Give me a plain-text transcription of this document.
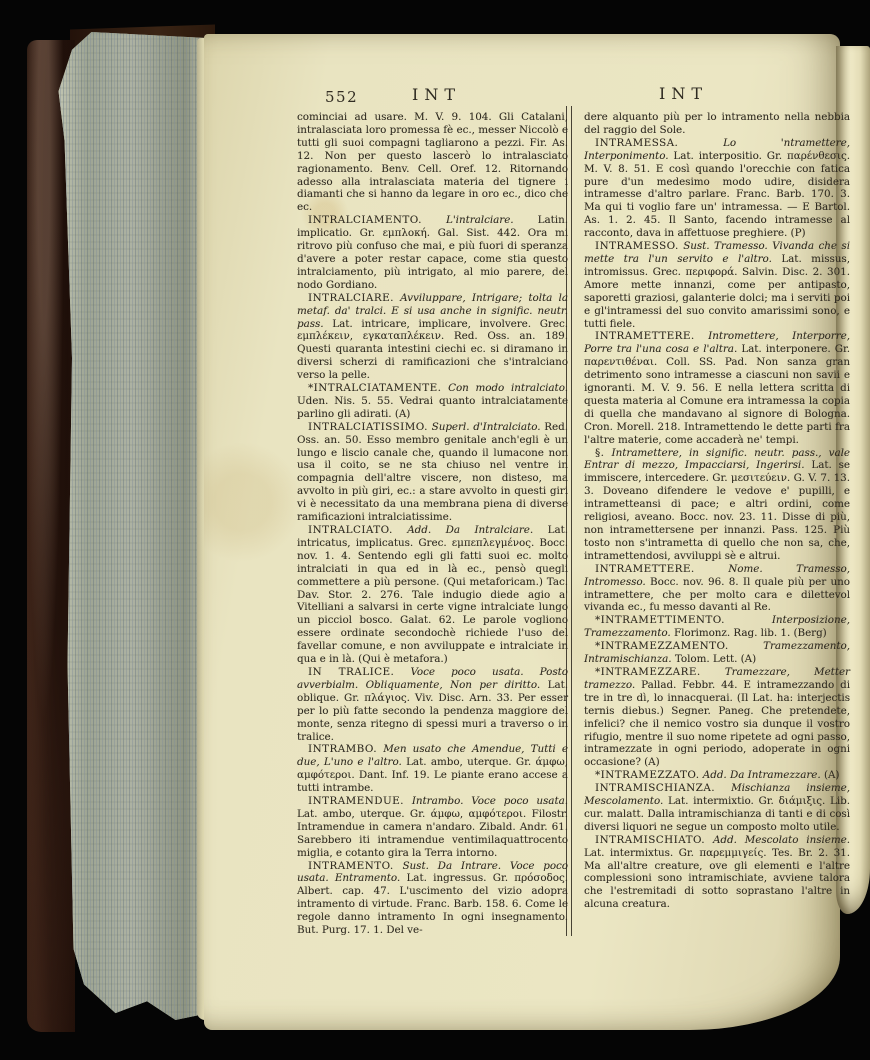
552	INT	INT

cominciai ad usare. M. V. 9. 104. Gli Catalani, intralasciata loro promessa fè ec., messer Niccolò e tutti gli suoi compagni tagliarono a pezzi. Fir. As. 12. Non per questo lascerò lo intralasciato ragionamento. Benv. Cell. Oref. 12. Ritornando adesso alla intralasciata materia del tignere i diamanti che si hanno da legare in oro ec., dico che ec.

INTRALCIAMENTO. L'intralciare. Latin. implicatio. Gr. εμπλοκή. Gal. Sist. 442. Ora mi ritrovo più confuso che mai, e più fuori di speranza d'avere a poter restar capace, come stia questo intralciamento, più intrigato, al mio parere, del nodo Gordiano.

INTRALCIARE. Avviluppare, Intrigare; tolta la metaf. da' tralci. E si usa anche in signific. neutr. pass. Lat. intricare, implicare, involvere. Grec. εμπλέκειν, εγκαταπλέκειν. Red. Oss. an. 189. Questi quaranta intestini ciechi ec. si diramano in diversi scherzi di ramificazioni che s'intralciano verso la pelle.

*INTRALCIATAMENTE. Con modo intralciato. Uden. Nis. 5. 55. Vedrai quanto intralciatamente parlino gli adirati. (A)

INTRALCIATISSIMO. Superl. d'Intralciato. Red. Oss. an. 50. Esso membro genitale anch'egli è un lungo e liscio canale che, quando il lumacone non usa il coito, se ne sta chiuso nel ventre in compagnia dell'altre viscere, non disteso, ma avvolto in più giri, ec.: a stare avvolto in questi giri vi è necessitato da una membrana piena di diverse ramificazioni intralciatissime.

INTRALCIATO. Add. Da Intralciare. Lat. intricatus, implicatus. Grec. εμπεπλεγμένος. Bocc. nov. 1. 4. Sentendo egli gli fatti suoi ec. molto intralciati in qua ed in là ec., pensò quegli commettere a più persone. (Qui metaforicam.) Tac. Dav. Stor. 2. 276. Tale indugio diede agio a' Vitelliani a salvarsi in certe vigne intralciate lungo un picciol bosco. Galat. 62. Le parole vogliono essere ordinate secondochè richiede l'uso del favellar comune, e non avviluppate e intralciate in qua e in là. (Qui è metafora.)

IN TRALICE. Voce poco usata. Posto avverbialm. Obliquamente, Non per diritto. Lat. oblique. Gr. πλάγιος. Viv. Disc. Arn. 33. Per esser per lo più fatte secondo la pendenza maggiore del monte, senza ritegno di spessi muri a traverso o in tralice.

INTRAMBO. Men usato che Amendue, Tutti e due, L'uno e l'altro. Lat. ambo, uterque. Gr. άμφω, αμφότεροι. Dant. Inf. 19. Le piante erano accese a tutti intrambe.

INTRAMENDUE. Intrambo. Voce poco usata. Lat. ambo, uterque. Gr. άμφω, αμφότεροι. Filostr. Intramendue in camera n'andaro. Zibald. Andr. 61. Sarebbero iti intramendue ventimilaquattrocento miglia, e cotanto gira la Terra intorno.

INTRAMENTO. Sust. Da Intrare. Voce poco usata. Entramento. Lat. ingressus. Gr. πρόσοδος. Albert. cap. 47. L'uscimento del vizio adopra intramento di virtude. Franc. Barb. 158. 6. Come le regole danno intramento In ogni insegnamento. But. Purg. 17. 1. Del ve-

dere alquanto più per lo intramento nella nebbia del raggio del Sole.

INTRAMESSA.	Lo 'ntramettere, Interponimento. Lat. interpositio. Gr. παρένθεσις. M. V. 8. 51. E così quando l'orecchie con fatica pure d'un medesimo modo udire, disidera intramesse d'altro parlare. Franc. Barb. 170. 3. Ma qui ti voglio fare un' intramessa. — E Bartol. As. 1. 2. 45. Il Santo, facendo intramesse al racconto, dava in affettuose preghiere. (P)

INTRAMESSO. Sust. Tramesso. Vivanda che si mette tra l'un servito e l'altro. Lat. missus, intromissus. Grec. περιφορά. Salvin. Disc. 2. 301. Amore mette innanzi, come per antipasto, saporetti graziosi, galanterie dolci; ma i serviti poi e gl'intramessi del suo convito amarissimi sono, e tutti fiele.

INTRAMETTERE. Intromettere, Interporre, Porre tra l'una cosa e l'altra. Lat. interponere. Gr. παρεντιθέναι. Coll. SS. Pad. Non sanza gran detrimento sono intramesse a ciascuni non savii e ignoranti. M. V. 9. 56. E nella lettera scritta di questa materia al Comune era intramessa la copia di quella che mandavano al signore di Bologna. Cron. Morell. 218. Intramettendo le dette parti fra l'altre materie, come accaderà ne' tempi.

§. Intramettere, in signific. neutr. pass., vale Entrar di mezzo, Impacciarsi, Ingerirsi. Lat. se immiscere, intercedere. Gr. μεσιτεύειν. G. V. 7. 13. 3. Doveano difendere le vedove e' pupilli, e intrametteansi di pace; e altri ordini, come religiosi, aveano. Bocc. nov. 23. 11. Disse di più, non intramettersene per innanzi. Pass. 125. Più tosto non s'intrametta di quello che non sa, che, intramettendosi, avviluppi sè e altrui.

INTRAMETTERE.	Nome. Tramesso, Intromesso. Bocc. nov. 96. 8. Il quale più per uno intramettere, che per molto cara e dilettevol vivanda ec., fu messo davanti al Re.

*INTRAMETTIMENTO.	Interposizione, Tramezzamento. Florimonz. Rag. lib. 1. (Berg)

*INTRAMEZZAMENTO.	Tramezzamento, Intramischianza. Tolom. Lett. (A)

*INTRAMEZZARE. Tramezzare, Metter tramezzo. Pallad. Febbr. 44. E intramezzando di tre in tre dì, lo innacquerai. (Il Lat. ha: interjectis ternis diebus.) Segner. Paneg. Che pretendete, infelici? che il nemico vostro sia dunque il vostro rifugio, mentre il suo nome ripetete ad ogni passo, intramezzate in ogni periodo, adoperate in ogni occasione? (A)

*INTRAMEZZATO. Add. Da Intramezzare. (A)

INTRAMISCHIANZA. Mischianza insieme, Mescolamento. Lat. intermixtio. Gr. διάμιξις. Lib. cur. malatt. Dalla intramischianza di tanti e di così diversi liquori ne segue un composto molto utile.

INTRAMISCHIATO. Add. Mescolato insieme. Lat. intermixtus. Gr. παρεμμιγείς. Tes. Br. 2. 31. Ma all'altre creature, ove gli elementi e l'altre complessioni sono intramischiate, avviene talora che l'estremitadi di sotto soprastano l'altre in alcuna creatura.
